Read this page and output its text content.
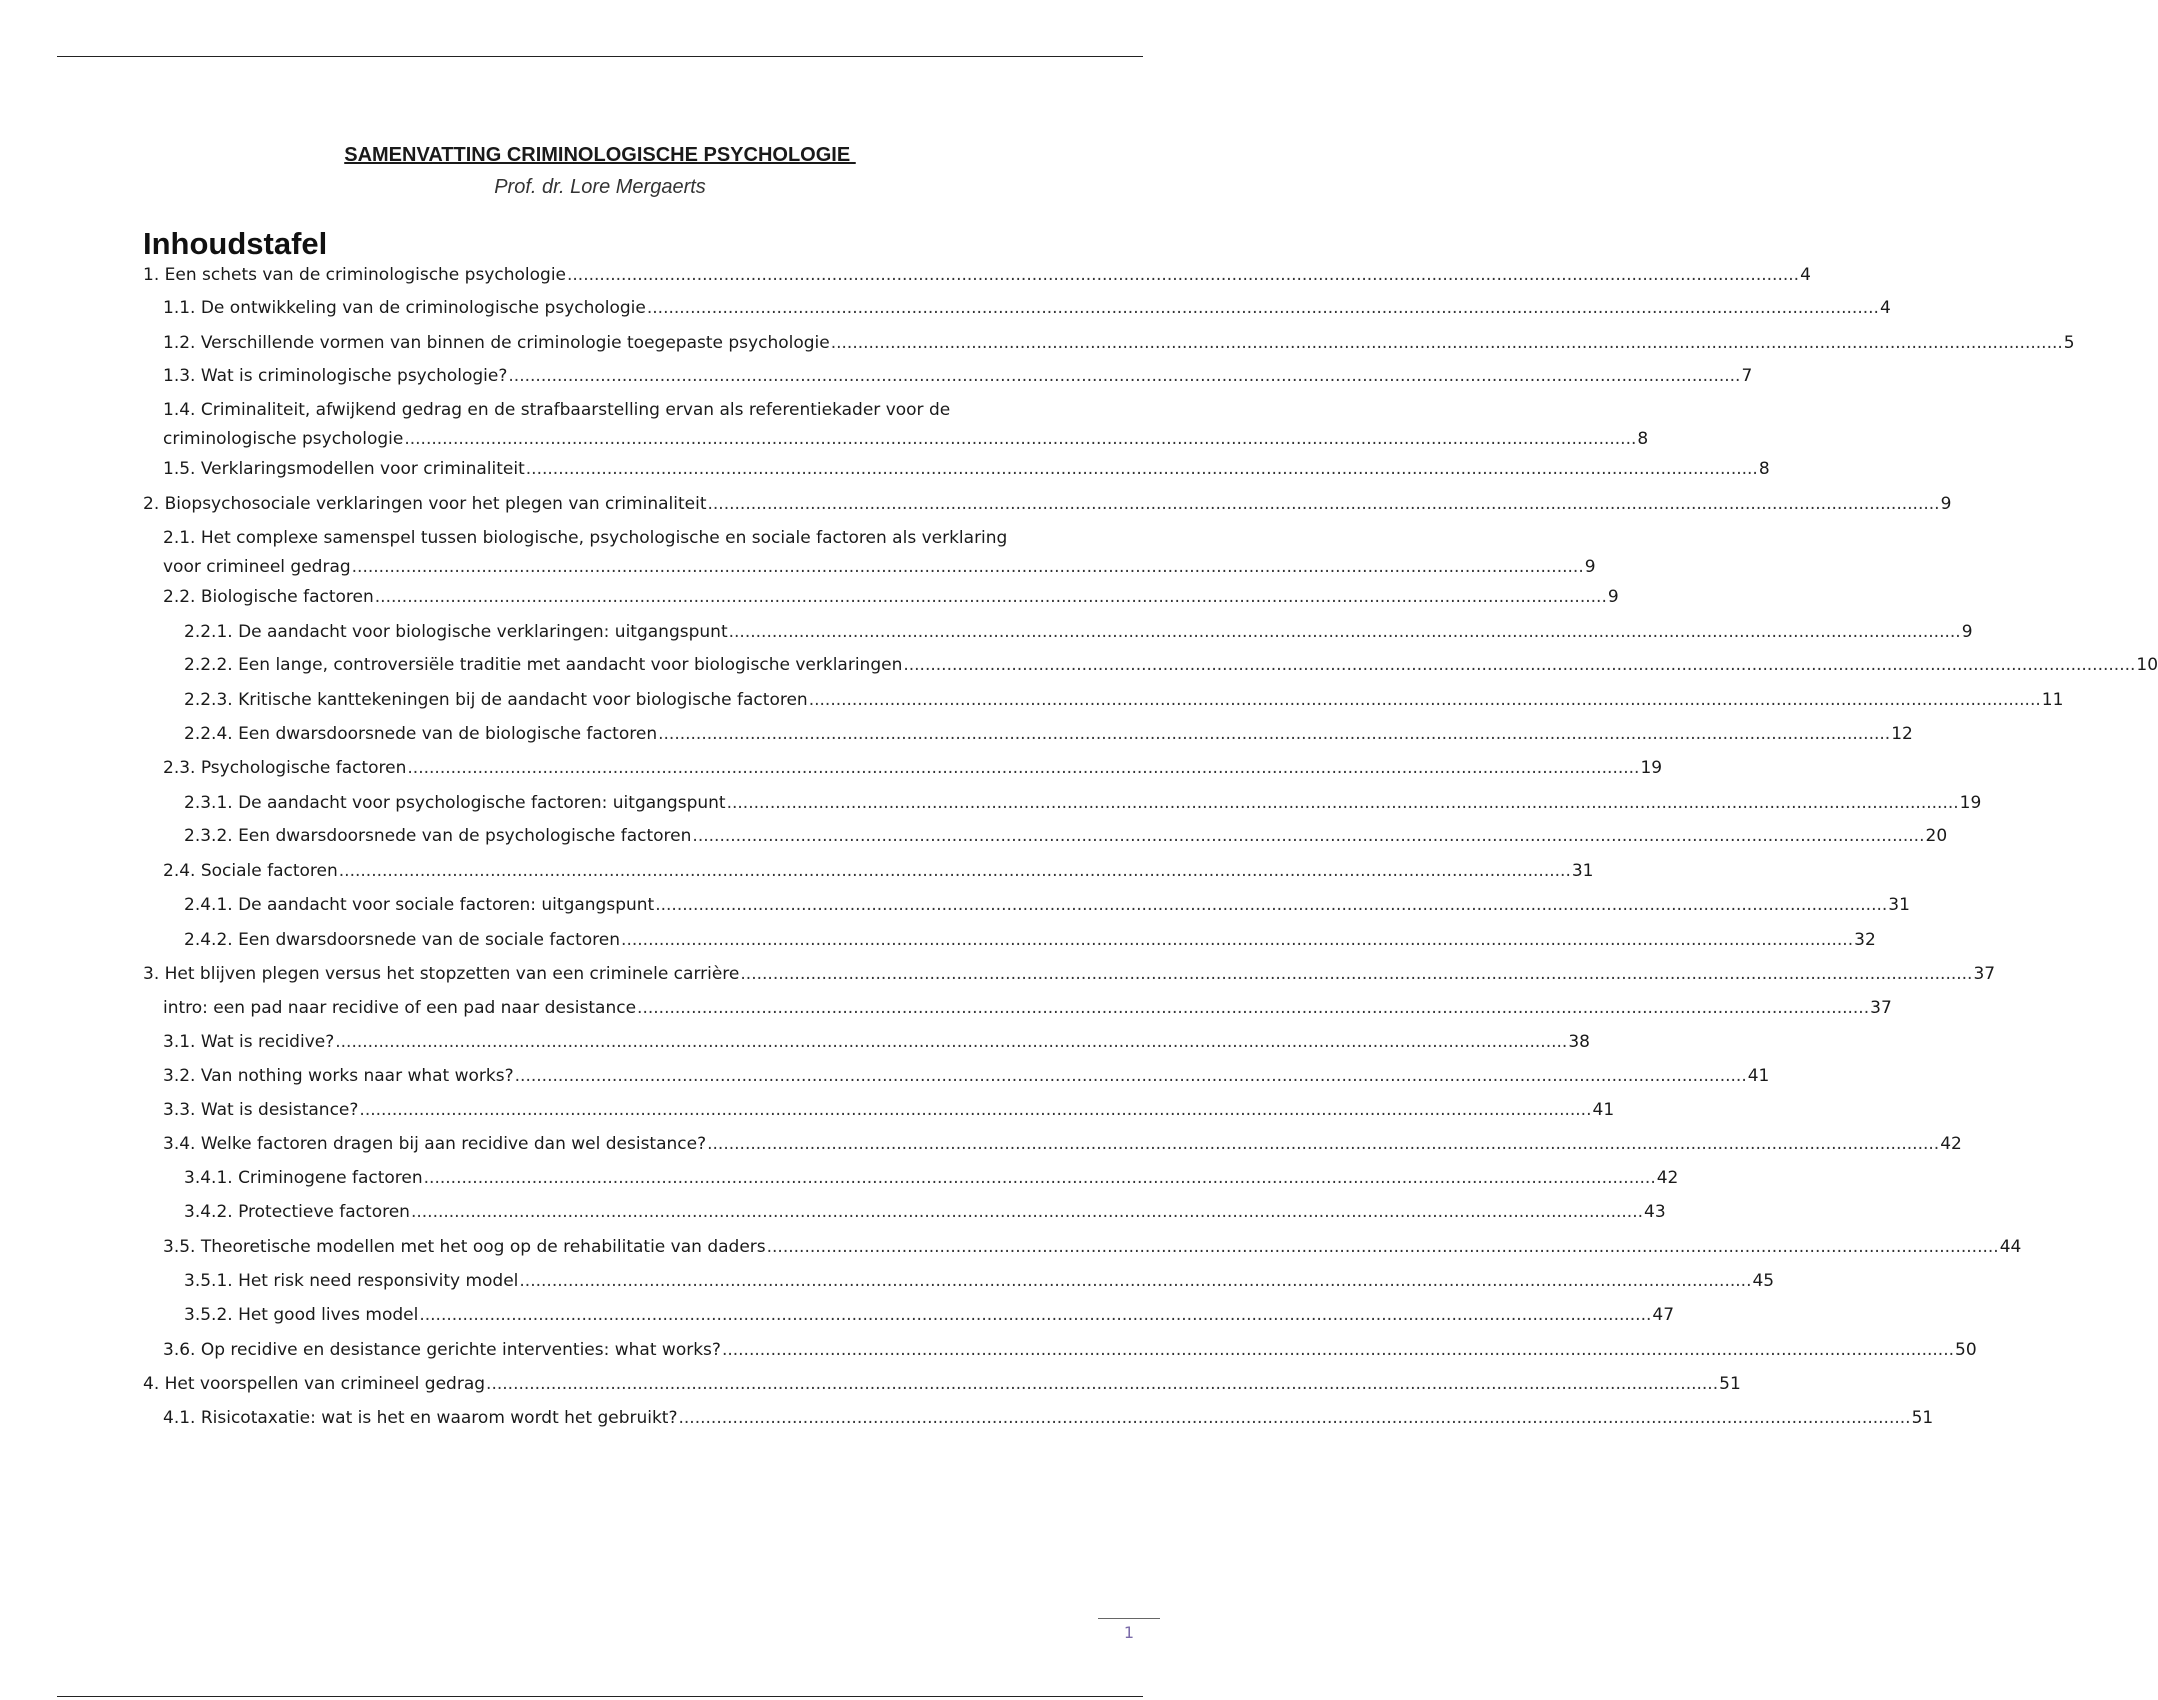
SAMENVATTING CRIMINOLOGISCHE PSYCHOLOGIE
Prof. dr. Lore Mergaerts
Inhoudstafel
1. Een schets van de criminologische psychologie .....	4
1.1. De ontwikkeling van de criminologische psychologie .....	4
1.2. Verschillende vormen van binnen de criminologie toegepaste psychologie .....	5
1.3. Wat is criminologische psychologie? .....	7
1.4. Criminaliteit, afwijkend gedrag en de strafbaarstelling ervan als referentiekader voor de
criminologische psychologie .....	8
1.5. Verklaringsmodellen voor criminaliteit .....	8
2. Biopsychosociale verklaringen voor het plegen van criminaliteit .....	9
2.1. Het complexe samenspel tussen biologische, psychologische en sociale factoren als verklaring
voor crimineel gedrag .....	9
2.2. Biologische factoren .....	9
2.2.1. De aandacht voor biologische verklaringen: uitgangspunt .....	9
2.2.2. Een lange, controversiële traditie met aandacht voor biologische verklaringen .....	10
2.2.3. Kritische kanttekeningen bij de aandacht voor biologische factoren .....	11
2.2.4. Een dwarsdoorsnede van de biologische factoren .....	12
2.3. Psychologische factoren .....	19
2.3.1. De aandacht voor psychologische factoren: uitgangspunt .....	19
2.3.2. Een dwarsdoorsnede van de psychologische factoren .....	20
2.4. Sociale factoren .....	31
2.4.1. De aandacht voor sociale factoren: uitgangspunt .....	31
2.4.2. Een dwarsdoorsnede van de sociale factoren .....	32
3. Het blijven plegen versus het stopzetten van een criminele carrière .....	37
intro: een pad naar recidive of een pad naar desistance .....	37
3.1. Wat is recidive? .....	38
3.2. Van nothing works naar what works? .....	41
3.3. Wat is desistance? .....	41
3.4. Welke factoren dragen bij aan recidive dan wel desistance? .....	42
3.4.1. Criminogene factoren .....	42
3.4.2. Protectieve factoren .....	43
3.5. Theoretische modellen met het oog op de rehabilitatie van daders .....	44
3.5.1. Het risk need responsivity model .....	45
3.5.2. Het good lives model .....	47
3.6. Op recidive en desistance gerichte interventies: what works? .....	50
4. Het voorspellen van crimineel gedrag .....	51
4.1. Risicotaxatie: wat is het en waarom wordt het gebruikt? .....	51
1
